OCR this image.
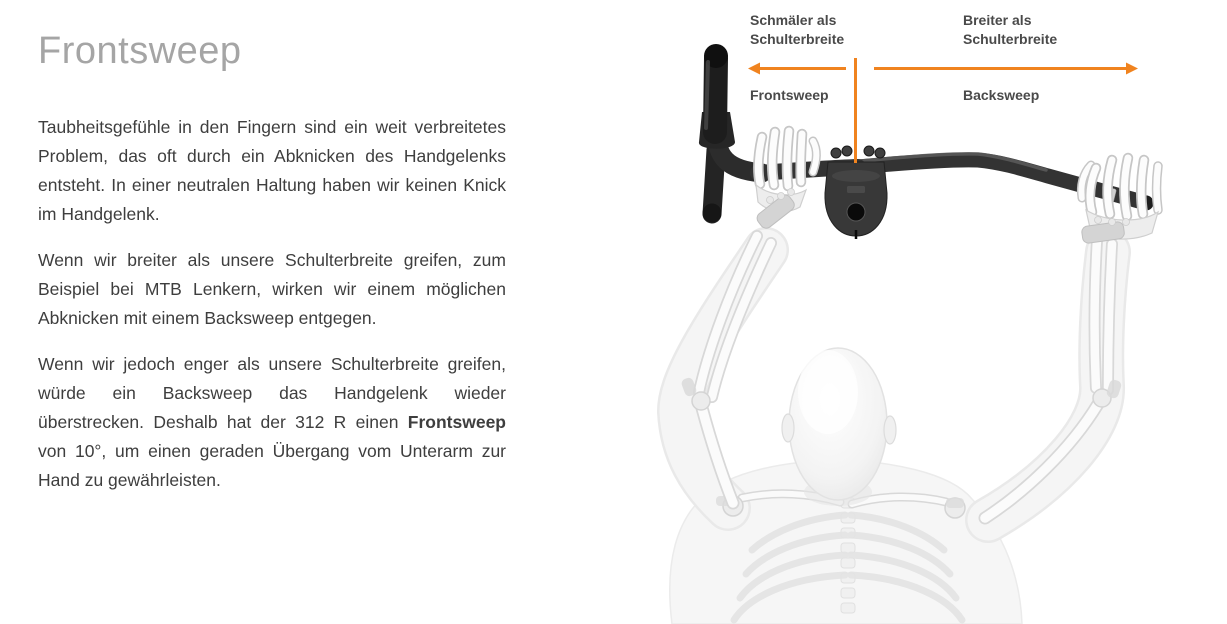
Frontsweep

Taubheitsgefühle in den Fingern sind ein weit verbreitetes Problem, das oft durch ein Abknicken des Handgelenks entsteht. In einer neutralen Haltung haben wir keinen Knick im Handgelenk.

Wenn wir breiter als unsere Schulterbreite greifen, zum Beispiel bei MTB Lenkern, wirken wir einem möglichen Abknicken mit einem Backsweep entgegen.

Wenn wir jedoch enger als unsere Schulterbreite greifen, würde ein Backsweep das Handgelenk wieder überstrecken. Deshalb hat der 312 R einen Frontsweep von 10°, um einen geraden Übergang vom Unterarm zur Hand zu gewährleisten.

Schmäler als Schulterbreite
Breiter als Schulterbreite
Frontsweep	Backsweep
